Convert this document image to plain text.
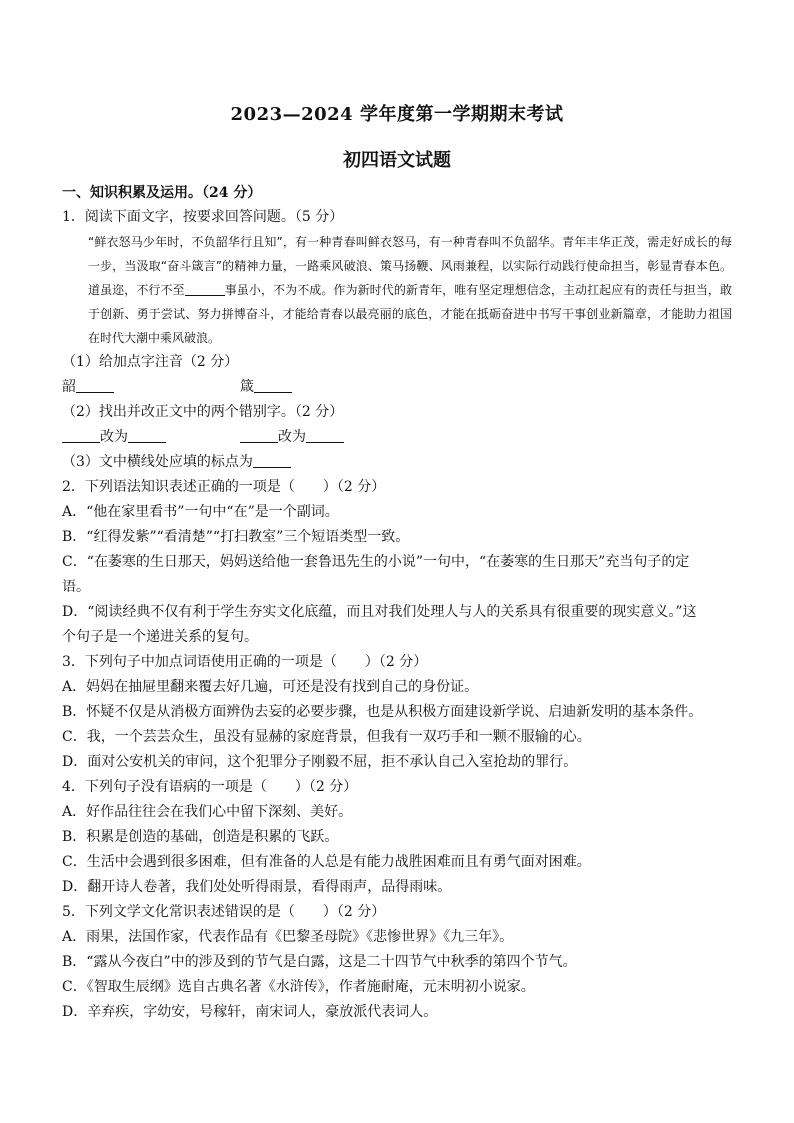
2023—2024 学年度第一学期期末考试
初四语文试题
一、知识积累及运用。（24 分）
1．阅读下面文字，按要求回答问题。（5 分）

“鲜衣怒马少年时，不负韶华行且知”，有一种青春叫鲜衣怒马，有一种青春叫不负韶华。青年丰华正茂，需走好成长的每一步，当汲取“奋斗箴言”的精神力量，一路乘风破浪、策马扬鞭、风雨兼程，以实际行动践行使命担当，彰显青春本色。道虽迩，不行不至	事虽小，不为不成。作为新时代的新青年，唯有坚定理想信念，主动扛起应有的责任与担当，敢于创新、勇于尝试、努力拼博奋斗，才能给青春以最亮丽的底色，才能在抵砺奋进中书写干事创业新篇章，才能助力祖国在时代大潮中乘风破浪。

（1）给加点字注音（2 分）
韶	箴
（2）找出并改正文中的两个错别字。（2 分）
改为	改为
（3）文中横线处应填的标点为
2．下列语法知识表述正确的一项是（　　）（2 分）
A．“他在家里看书”一句中“在”是一个副词。
B．“红得发紫”“看清楚”“打扫教室”三个短语类型一致。
C．“在萎寒的生日那天，妈妈送给他一套鲁迅先生的小说”一句中，“在萎寒的生日那天”充当句子的定
语。
D．“阅读经典不仅有利于学生夯实文化底蕴，而且对我们处理人与人的关系具有很重要的现实意义。”这
个句子是一个递进关系的复句。
3．下列句子中加点词语使用正确的一项是（　　）（2 分）
A．妈妈在抽屉里翻来覆去好几遍，可还是没有找到自己的身份证。
B．怀疑不仅是从消极方面辨伪去妄的必要步骤，也是从积极方面建设新学说、启迪新发明的基本条件。
C．我，一个芸芸众生，虽没有显赫的家庭背景，但我有一双巧手和一颗不服输的心。
D．面对公安机关的审问，这个犯罪分子刚毅不屈，拒不承认自己入室抢劫的罪行。
4．下列句子没有语病的一项是（　　）（2 分）
A．好作品往往会在我们心中留下深刻、美好。
B．积累是创造的基础，创造是积累的飞跃。
C．生活中会遇到很多困难，但有准备的人总是有能力战胜困难而且有勇气面对困难。
D．翻开诗人卷著，我们处处听得雨景，看得雨声，品得雨味。
5．下列文学文化常识表述错误的是（　　）（2 分）
A．雨果，法国作家，代表作品有《巴黎圣母院》《悲惨世界》《九三年》。
B．“露从今夜白”中的涉及到的节气是白露，这是二十四节气中秋季的第四个节气。
C．《智取生辰纲》选自古典名著《水浒传》，作者施耐庵，元末明初小说家。
D．辛弃疾，字幼安，号稼轩，南宋词人，豪放派代表词人。
